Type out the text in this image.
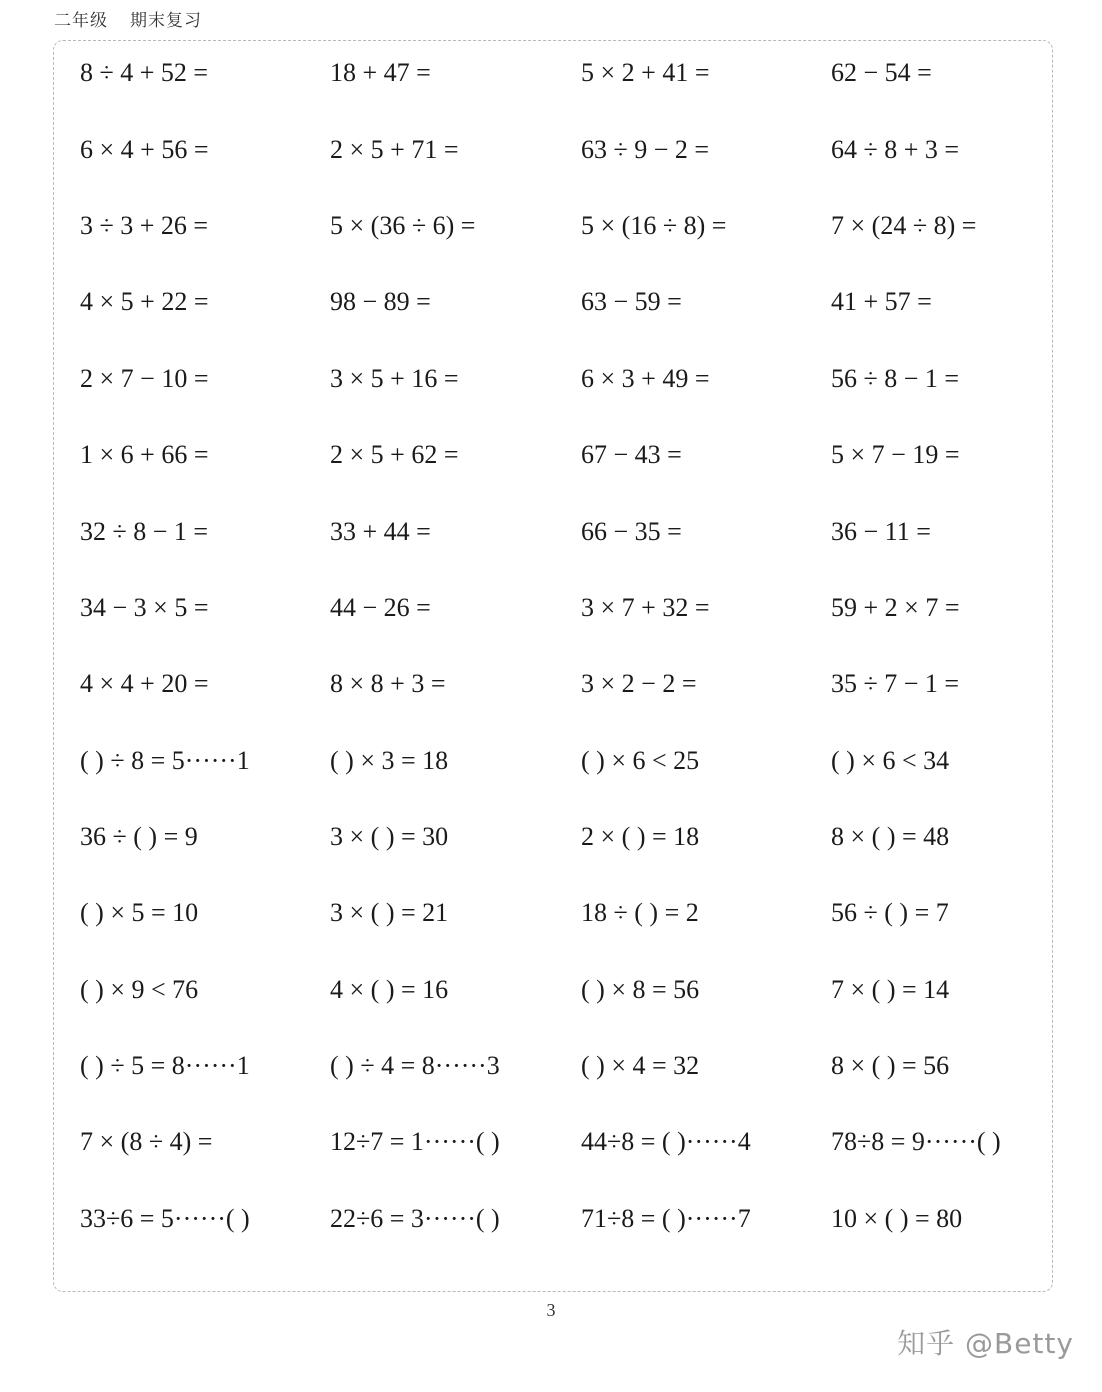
二年级 期末复习
8 ÷ 4 + 52 =	18 + 47 =	5 × 2 + 41 =	62 − 54 =
6 × 4 + 56 =	2 × 5 + 71 =	63 ÷ 9 − 2 =	64 ÷ 8 + 3 =
3 ÷ 3 + 26 =	5 × (36 ÷ 6) =	5 × (16 ÷ 8) =	7 × (24 ÷ 8) =
4 × 5 + 22 =	98 − 89 =	63 − 59 =	41 + 57 =
2 × 7 − 10 =	3 × 5 + 16 =	6 × 3 + 49 =	56 ÷ 8 − 1 =
1 × 6 + 66 =	2 × 5 + 62 =	67 − 43 =	5 × 7 − 19 =
32 ÷ 8 − 1 =	33 + 44 =	66 − 35 =	36 − 11 =
34 − 3 × 5 =	44 − 26 =	3 × 7 + 32 =	59 + 2 × 7 =
4 × 4 + 20 =	8 × 8 + 3 =	3 × 2 − 2 =	35 ÷ 7 − 1 =
( ) ÷ 8 = 5······1	( ) × 3 = 18	( ) × 6 < 25	( ) × 6 < 34
36 ÷ ( ) = 9	3 × ( ) = 30	2 × ( ) = 18	8 × ( ) = 48
( ) × 5 = 10	3 × ( ) = 21	18 ÷ ( ) = 2	56 ÷ ( ) = 7
( ) × 9 < 76	4 × ( ) = 16	( ) × 8 = 56	7 × ( ) = 14
( ) ÷ 5 = 8······1	( ) ÷ 4 = 8······3	( ) × 4 = 32	8 × ( ) = 56
7 × (8 ÷ 4) =	12÷7 = 1······( )	44÷8 = ( )······4	78÷8 = 9······( )
33÷6 = 5······( )	22÷6 = 3······( )	71÷8 = ( )······7	10 × ( ) = 80
3
知乎 @Betty
